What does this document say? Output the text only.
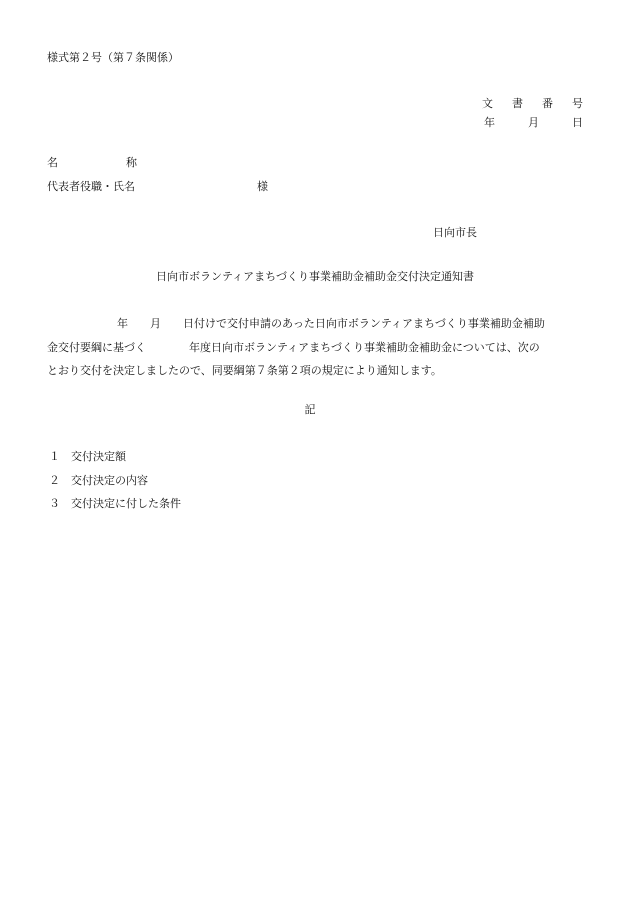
様式第２号（第７条関係）
文 書 番 号
年	月	日
名	称
代表者役職・氏名	様
日向市長
日向市ボランティアまちづくり事業補助金補助金交付決定通知書
年 月 日付けで交付申請のあった日向市ボランティアまちづくり事業補助金補助
金交付要綱に基づく	年度日向市ボランティアまちづくり事業補助金補助金については、次の
とおり交付を決定しましたので、同要綱第７条第２項の規定により通知します。
記
１ 交付決定額
２ 交付決定の内容
３ 交付決定に付した条件
